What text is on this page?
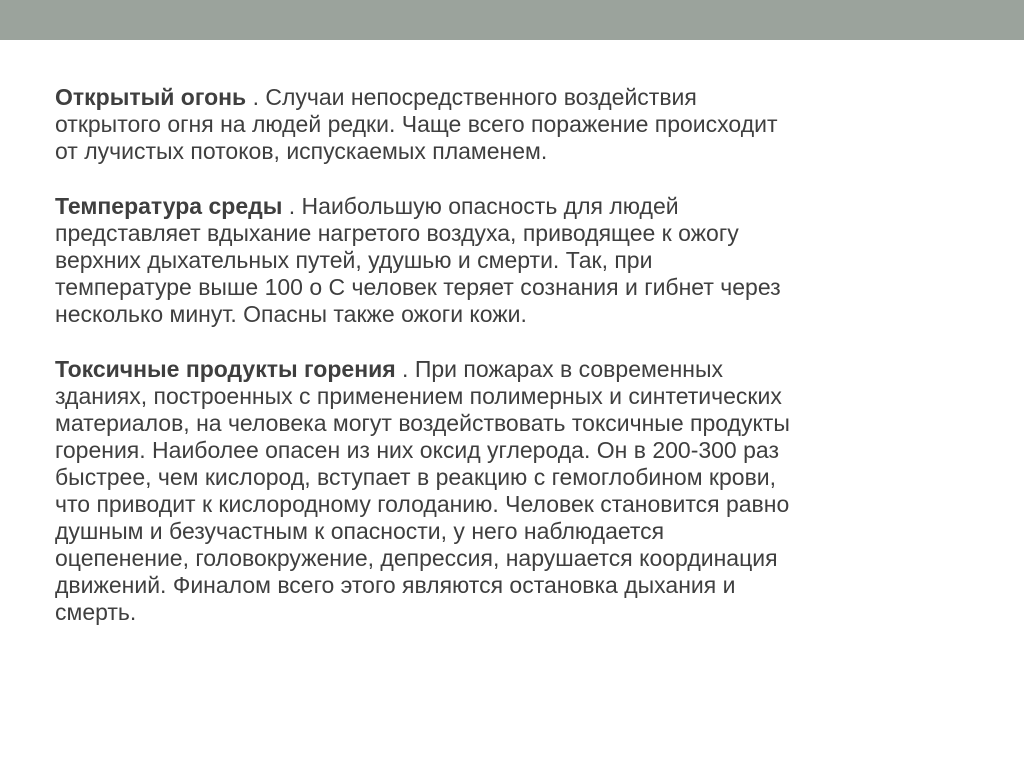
Открытый огонь . Случаи непосредственного воздействия
открытого огня на людей редки. Чаще всего поражение происходит
от лучистых потоков, испускаемых пламенем.

Температура среды . Наибольшую опасность для людей
представляет вдыхание нагретого воздуха, приводящее к ожогу
верхних дыхательных путей, удушью и смерти. Так, при
температуре выше 100 о С человек теряет сознания и гибнет через
несколько минут. Опасны также ожоги кожи.

Токсичные продукты горения . При пожарах в современных
зданиях, построенных с применением полимерных и синтетических
материалов, на человека могут воздействовать токсичные продукты
горения. Наиболее опасен из них оксид углерода. Он в 200-300 раз
быстрее, чем кислород, вступает в реакцию с гемоглобином крови,
что приводит к кислородному голоданию. Человек становится равно
душным и безучастным к опасности, у него наблюдается
оцепенение, головокружение, депрессия, нарушается координация
движений. Финалом всего этого являются остановка дыхания и
смерть.
